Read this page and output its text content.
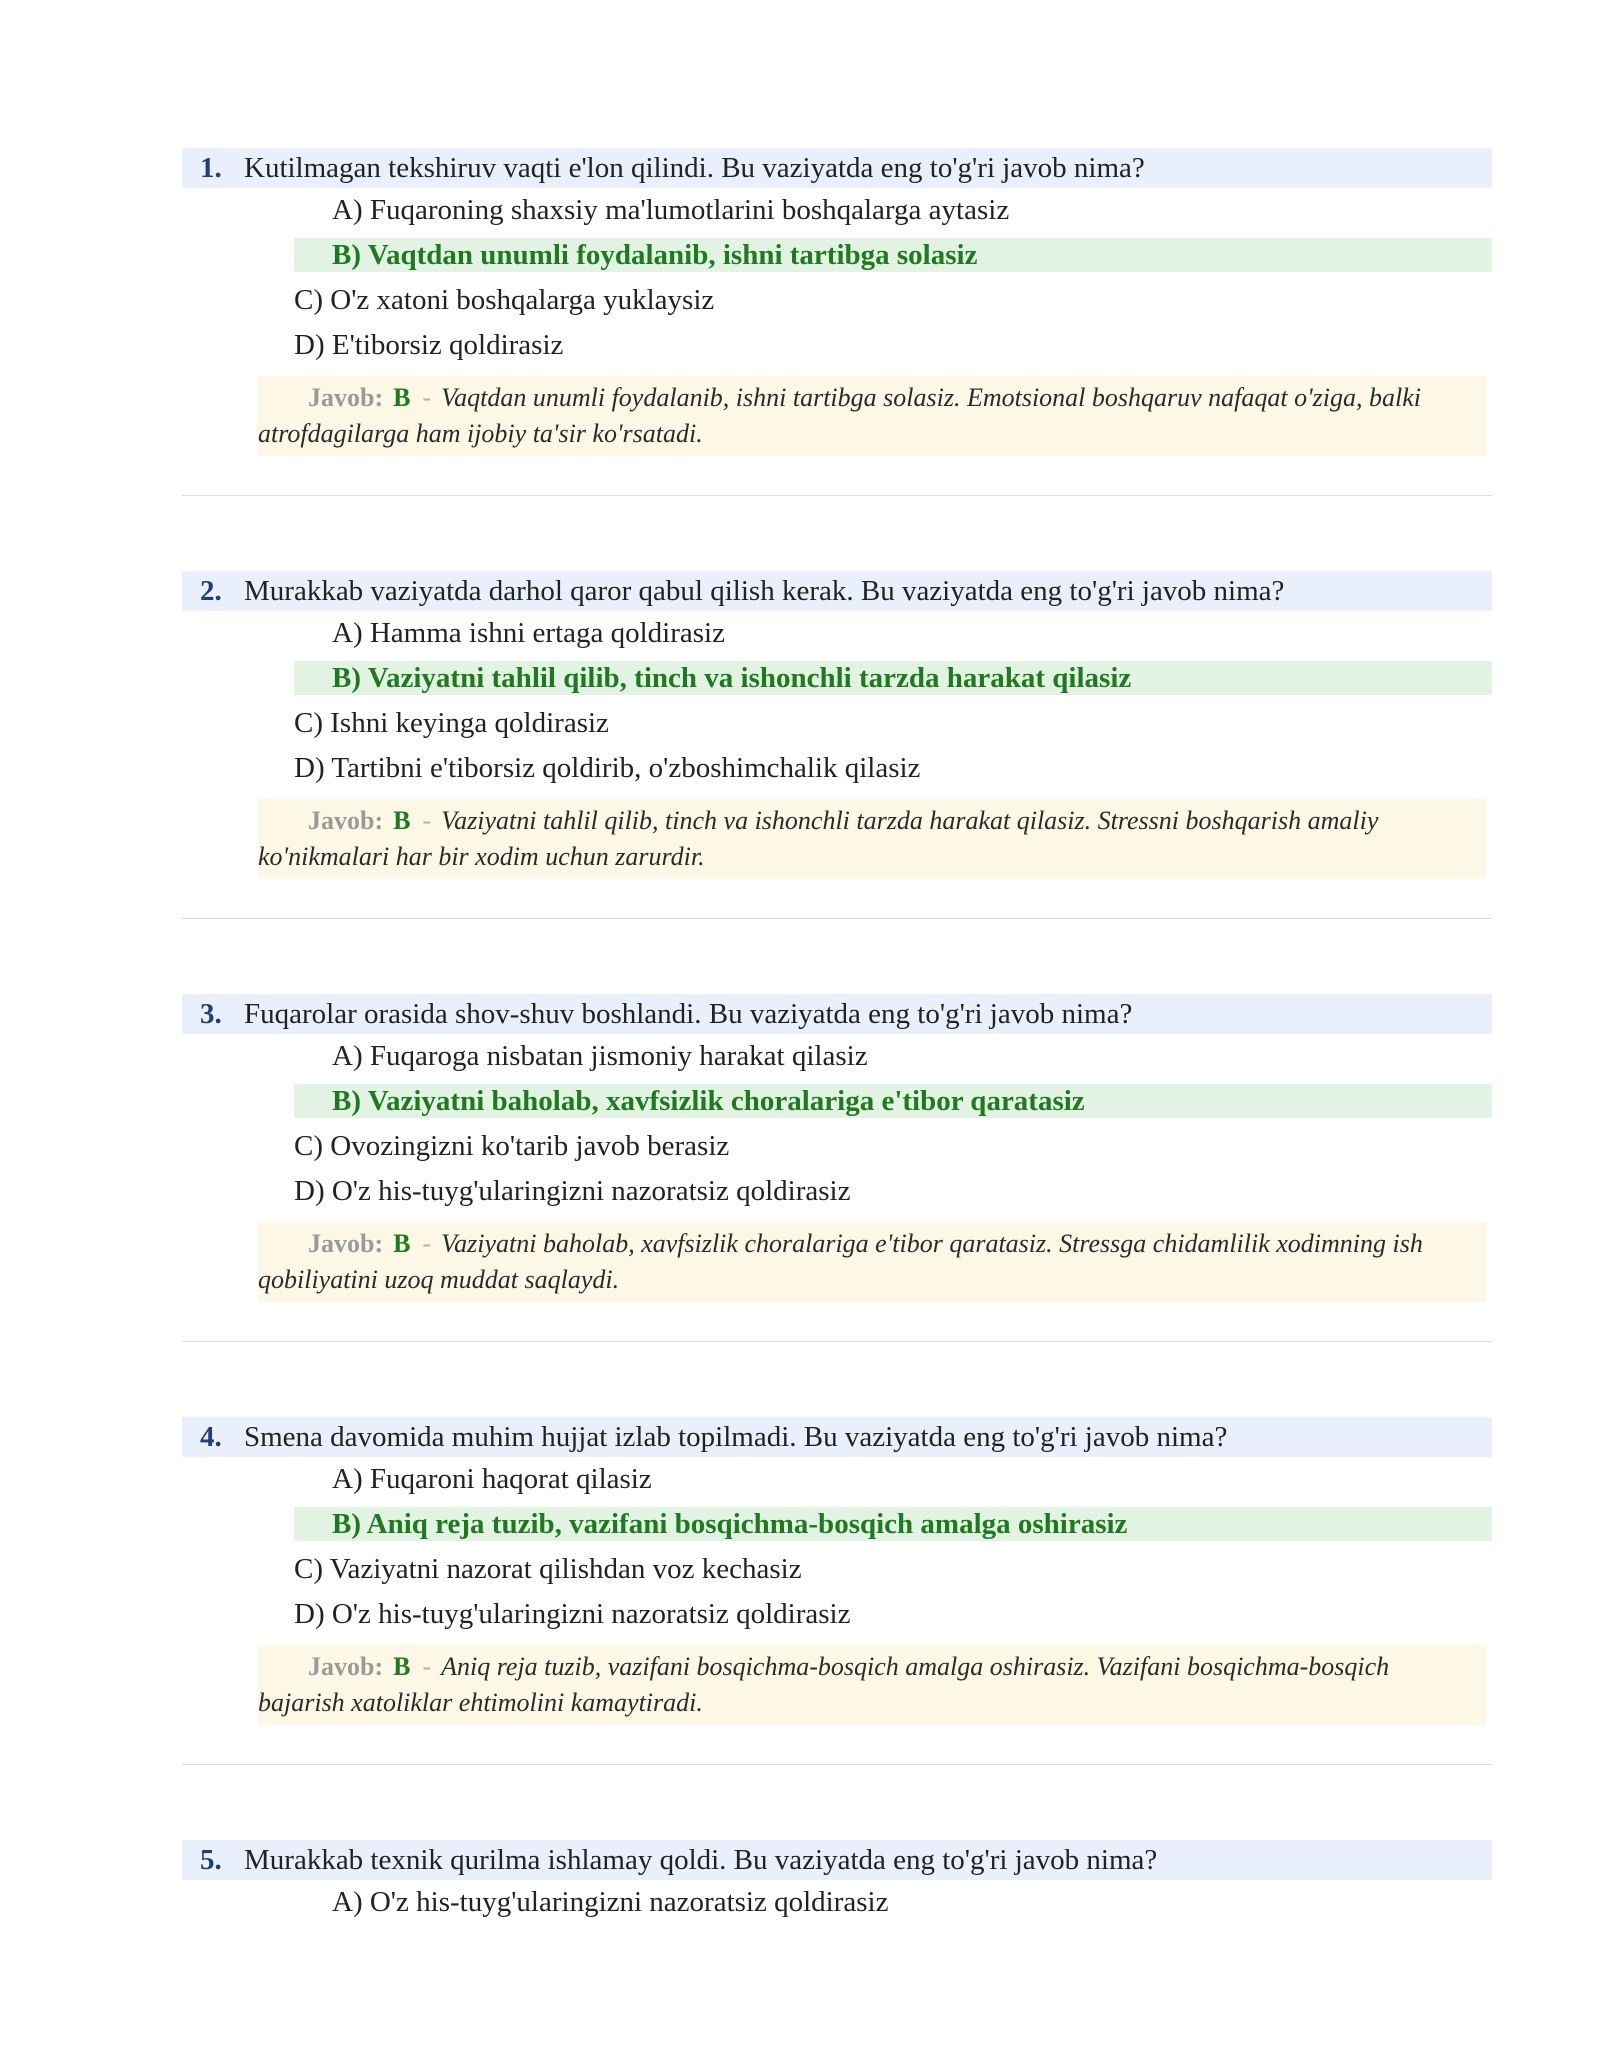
1. Kutilmagan tekshiruv vaqti e'lon qilindi. Bu vaziyatda eng to'g'ri javob nima?
A) Fuqaroning shaxsiy ma'lumotlarini boshqalarga aytasiz
B) Vaqtdan unumli foydalanib, ishni tartibga solasiz
C) O'z xatoni boshqalarga yuklaysiz
D) E'tiborsiz qoldirasiz
Javob: B - Vaqtdan unumli foydalanib, ishni tartibga solasiz. Emotsional boshqaruv nafaqat o'ziga, balki atrofdagilarga ham ijobiy ta'sir ko'rsatadi.
2. Murakkab vaziyatda darhol qaror qabul qilish kerak. Bu vaziyatda eng to'g'ri javob nima?
A) Hamma ishni ertaga qoldirasiz
B) Vaziyatni tahlil qilib, tinch va ishonchli tarzda harakat qilasiz
C) Ishni keyinga qoldirasiz
D) Tartibni e'tiborsiz qoldirib, o'zboshimchalik qilasiz
Javob: B - Vaziyatni tahlil qilib, tinch va ishonchli tarzda harakat qilasiz. Stressni boshqarish amaliy ko'nikmalari har bir xodim uchun zarurdir.
3. Fuqarolar orasida shov-shuv boshlandi. Bu vaziyatda eng to'g'ri javob nima?
A) Fuqaroga nisbatan jismoniy harakat qilasiz
B) Vaziyatni baholab, xavfsizlik choralariga e'tibor qaratasiz
C) Ovozingizni ko'tarib javob berasiz
D) O'z his-tuyg'ularingizni nazoratsiz qoldirasiz
Javob: B - Vaziyatni baholab, xavfsizlik choralariga e'tibor qaratasiz. Stressga chidamlilik xodimning ish qobiliyatini uzoq muddat saqlaydi.
4. Smena davomida muhim hujjat izlab topilmadi. Bu vaziyatda eng to'g'ri javob nima?
A) Fuqaroni haqorat qilasiz
B) Aniq reja tuzib, vazifani bosqichma-bosqich amalga oshirasiz
C) Vaziyatni nazorat qilishdan voz kechasiz
D) O'z his-tuyg'ularingizni nazoratsiz qoldirasiz
Javob: B - Aniq reja tuzib, vazifani bosqichma-bosqich amalga oshirasiz. Vazifani bosqichma-bosqich bajarish xatoliklar ehtimolini kamaytiradi.
5. Murakkab texnik qurilma ishlamay qoldi. Bu vaziyatda eng to'g'ri javob nima?
A) O'z his-tuyg'ularingizni nazoratsiz qoldirasiz
